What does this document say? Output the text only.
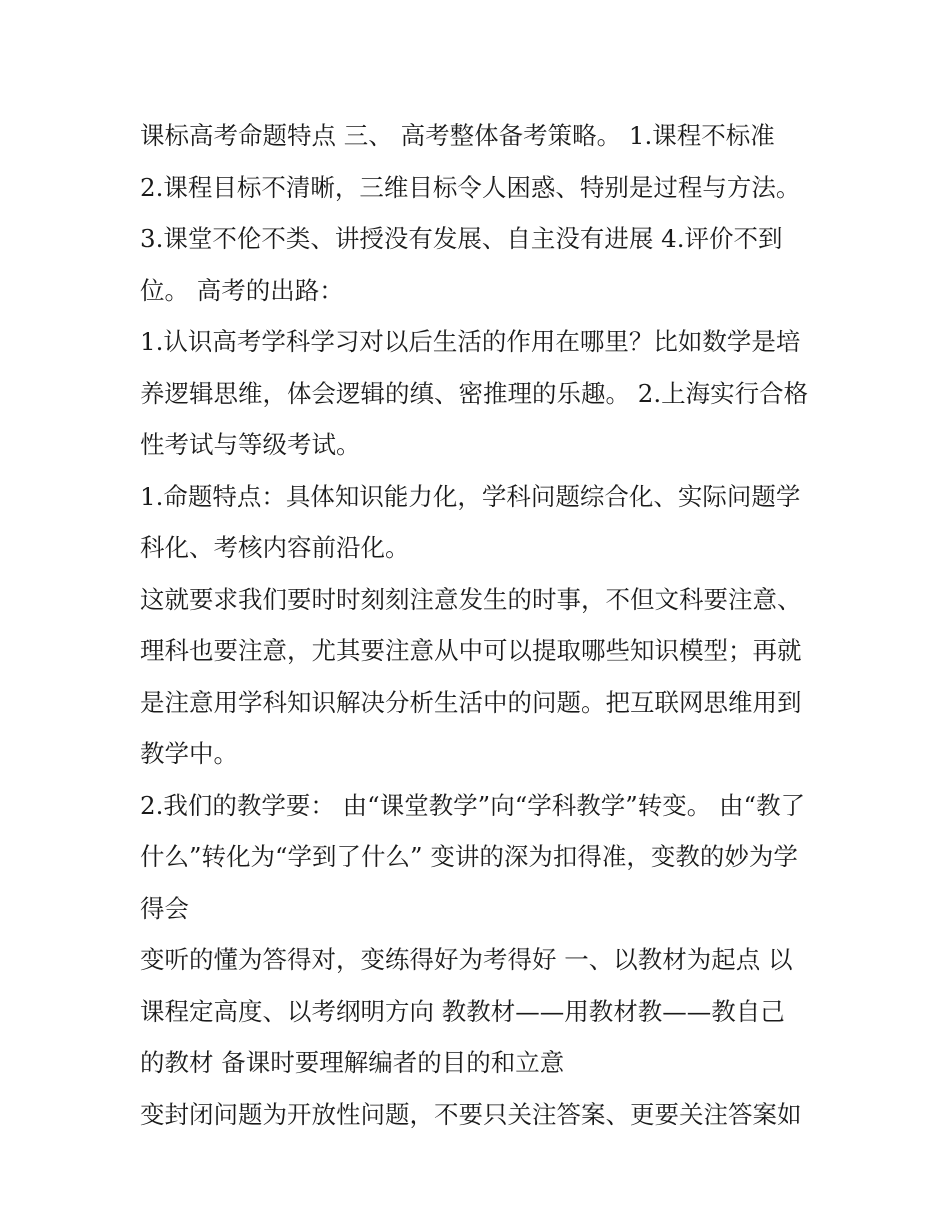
课标高考命题特点 三、 高考整体备考策略。 1.课程不标准
2.课程目标不清晰，三维目标令人困惑、特别是过程与方法。
3.课堂不伦不类、讲授没有发展、自主没有进展 4.评价不到
位。 高考的出路：
1.认识高考学科学习对以后生活的作用在哪里？比如数学是培
养逻辑思维，体会逻辑的缜、密推理的乐趣。 2.上海实行合格
性考试与等级考试。
1.命题特点：具体知识能力化，学科问题综合化、实际问题学
科化、考核内容前沿化。
这就要求我们要时时刻刻注意发生的时事，不但文科要注意、
理科也要注意，尤其要注意从中可以提取哪些知识模型；再就
是注意用学科知识解决分析生活中的问题。把互联网思维用到
教学中。
2.我们的教学要： 由“课堂教学”向“学科教学”转变。 由“教了
什么”转化为“学到了什么” 变讲的深为扣得准，变教的妙为学
得会
变听的懂为答得对，变练得好为考得好 一、以教材为起点 以
课程定高度、以考纲明方向 教教材——用教材教——教自己
的教材 备课时要理解编者的目的和立意
变封闭问题为开放性问题，不要只关注答案、更要关注答案如
